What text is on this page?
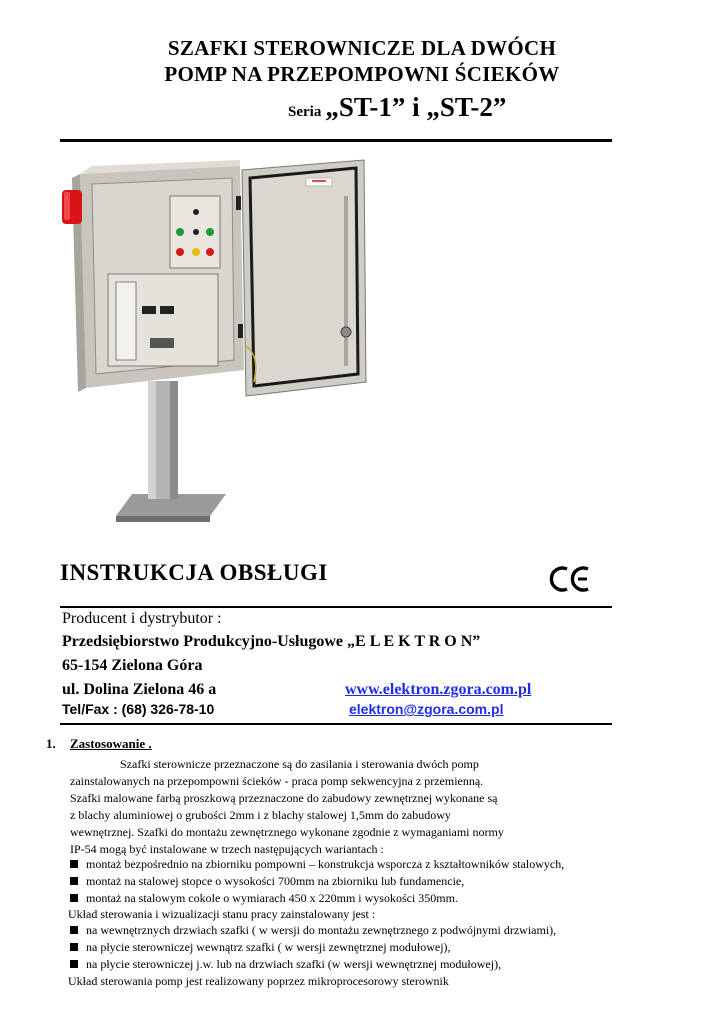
SZAFKI STEROWNICZE DLA DWÓCH
POMP NA PRZEPOMPOWNI ŚCIEKÓW
Seria „ST-1” i „ST-2”
INSTRUKCJA OBSŁUGI
Producent i dystrybutor :
Przedsiębiorstwo Produkcyjno-Usługowe „E L E K T R O N”
65-154 Zielona Góra
ul. Dolina Zielona 46 a
Tel/Fax : (68) 326-78-10
www.elektron.zgora.com.pl
elektron@zgora.com.pl
1. Zastosowanie .
Szafki sterownicze przeznaczone są do zasilania i sterowania dwóch pomp
zainstalowanych na przepompowni ścieków - praca pomp sekwencyjna z przemienną.
Szafki malowane farbą proszkową przeznaczone do zabudowy zewnętrznej wykonane są
z blachy aluminiowej o grubości 2mm i z blachy stalowej 1,5mm do zabudowy
wewnętrznej. Szafki do montażu zewnętrznego wykonane zgodnie z wymaganiami normy
IP-54 mogą być instalowane w trzech następujących wariantach :
montaż bezpośrednio na zbiorniku pompowni – konstrukcja wsporcza z kształtowników stalowych,
montaż na stalowej stopce o wysokości 700mm na zbiorniku lub fundamencie,
montaż na stalowym cokole o wymiarach 450 x 220mm i wysokości 350mm.
Układ sterowania i wizualizacji stanu pracy zainstalowany jest :
na wewnętrznych drzwiach szafki ( w wersji do montażu zewnętrznego z podwójnymi drzwiami),
na płycie sterowniczej wewnątrz szafki ( w wersji zewnętrznej modułowej),
na płycie sterowniczej j.w. lub na drzwiach szafki (w wersji wewnętrznej modułowej),
Układ sterowania pomp jest realizowany poprzez mikroprocesorowy sterownik
